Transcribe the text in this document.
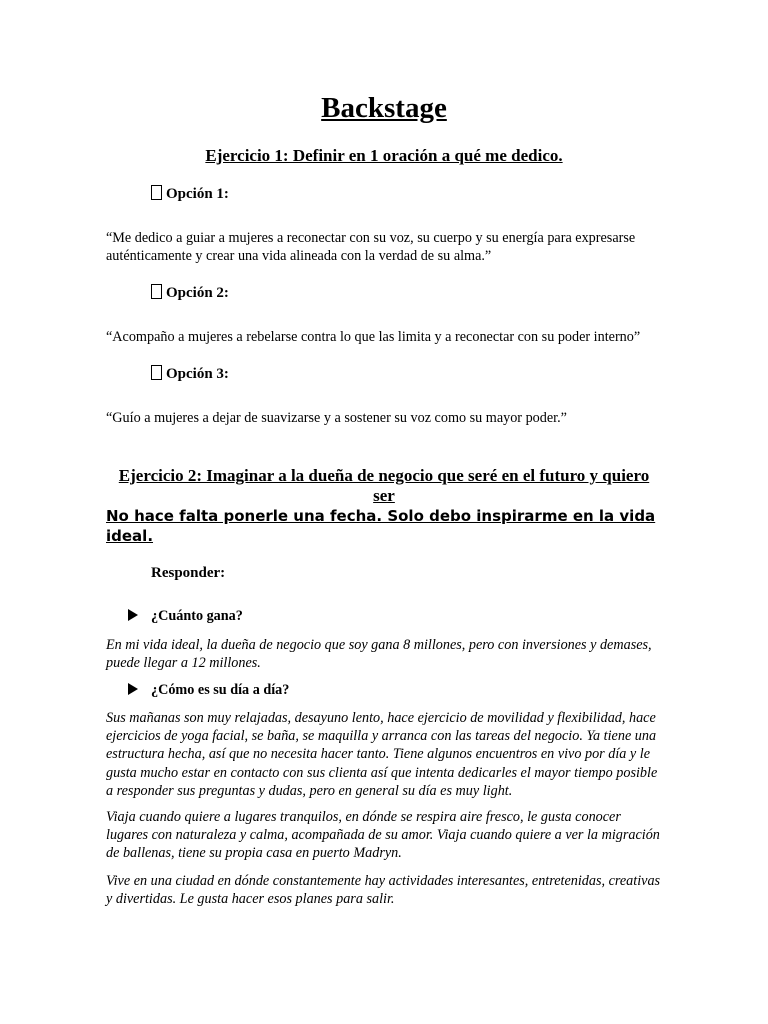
Backstage
Ejercicio 1: Definir en 1 oración a qué me dedico.

Opción 1:

“Me dedico a guiar a mujeres a reconectar con su voz, su cuerpo y su energía para expresarse auténticamente y crear una vida alineada con la verdad de su alma.”

Opción 2:

“Acompaño a mujeres a rebelarse contra lo que las limita y a reconectar con su poder interno”

Opción 3:

“Guío a mujeres a dejar de suavizarse y a sostener su voz como su mayor poder.”

Ejercicio 2: Imaginar a la dueña de negocio que seré en el futuro y quiero ser

No hace falta ponerle una fecha. Solo debo inspirarme en la vida ideal.

Responder:

¿Cuánto gana?

En mi vida ideal, la dueña de negocio que soy gana 8 millones, pero con inversiones y demases, puede llegar a 12 millones.

¿Cómo es su día a día?

Sus mañanas son muy relajadas, desayuno lento, hace ejercicio de movilidad y flexibilidad, hace ejercicios de yoga facial, se baña, se maquilla y arranca con las tareas del negocio. Ya tiene una estructura hecha, así que no necesita hacer tanto. Tiene algunos encuentros en vivo por día y le gusta mucho estar en contacto con sus clienta así que intenta dedicarles el mayor tiempo posible a responder sus preguntas y dudas, pero en general su día es muy light.

Viaja cuando quiere a lugares tranquilos, en dónde se respira aire fresco, le gusta conocer lugares con naturaleza y calma, acompañada de su amor. Viaja cuando quiere a ver la migración de ballenas, tiene su propia casa en puerto Madryn.

Vive en una ciudad en dónde constantemente hay actividades interesantes, entretenidas, creativas y divertidas. Le gusta hacer esos planes para salir.
